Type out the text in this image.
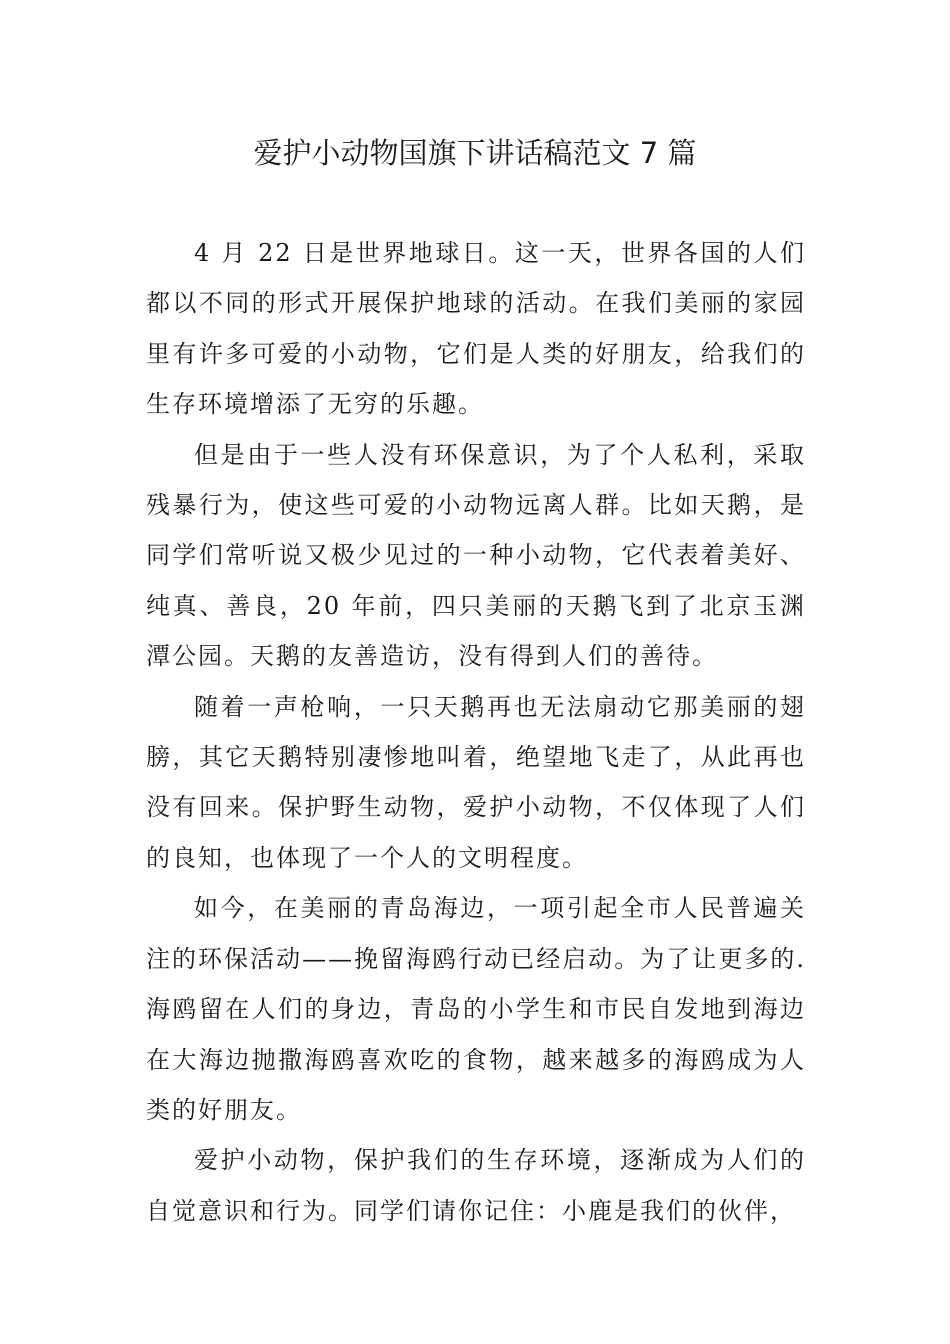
爱护小动物国旗下讲话稿范文 7 篇

4 月 22 日是世界地球日。这一天，世界各国的人们都以不同的形式开展保护地球的活动。在我们美丽的家园里有许多可爱的小动物，它们是人类的好朋友，给我们的生存环境增添了无穷的乐趣。

但是由于一些人没有环保意识，为了个人私利，采取残暴行为，使这些可爱的小动物远离人群。比如天鹅，是同学们常听说又极少见过的一种小动物，它代表着美好、纯真、善良，20 年前，四只美丽的天鹅飞到了北京玉渊潭公园。天鹅的友善造访，没有得到人们的善待。

随着一声枪响，一只天鹅再也无法扇动它那美丽的翅膀，其它天鹅特别凄惨地叫着，绝望地飞走了，从此再也没有回来。保护野生动物，爱护小动物，不仅体现了人们的良知，也体现了一个人的文明程度。

如今，在美丽的青岛海边，一项引起全市人民普遍关注的环保活动——挽留海鸥行动已经启动。为了让更多的.海鸥留在人们的身边，青岛的小学生和市民自发地到海边在大海边抛撒海鸥喜欢吃的食物，越来越多的海鸥成为人类的好朋友。

爱护小动物，保护我们的生存环境，逐渐成为人们的自觉意识和行为。同学们请你记住：小鹿是我们的伙伴，
